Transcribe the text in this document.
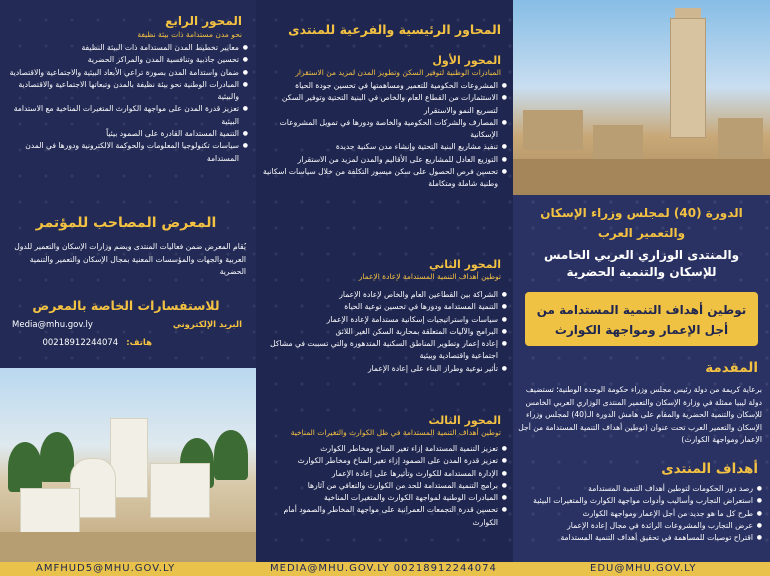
المحور الرابع
نحو مدن مستدامة ذات بيئة نظيفة
● معايير تخطيط المدن المستدامة ذات البيئة النظيفة
● تحسين جاذبية وتنافسية المدن والمراكز الحضرية
● ضمان واستدامة المدن بصورة تراعي الأبعاد البيئية والاجتماعية والاقتصادية
● المبادرات الوطنية نحو بيئة نظيفة بالمدن وتبعاتها الاجتماعية والاقتصادية والبيئية
● تعزيز قدرة المدن على مواجهة الكوارث المتغيرات المناخية مع الاستدامة البيئية
● التنمية المستدامة القادرة على الصمود بيئياً
● سياسات تكنولوجيا المعلومات والحوكمة الالكترونية ودورها في المدن المستدامة
المعرض المصاحب للمؤتمر
يُقام المعرض ضمن فعاليات المنتدى ويضم وزارات الإسكان والتعمير للدول العربية والجهات والمؤسسات المعنية بمجال الإسكان والتعمير والتنمية الحضرية
للاستفسارات الخاصة بالمعرض
البريد الإلكتروني
Media@mhu.gov.ly
هاتف:
00218912244074
المحاور الرئيسية والفرعية للمنتدى
المحور الأول
المبادرات الوطنية لتوفير السكن وتطوير المدن لمزيد من الاستقرار
● المشروعات الحكومية للتعمير ومساهمتها في تحسين جودة الحياة
● الاستثمارات من القطاع العام والخاص في البنية التحتية وتوفير السكن لتسريع النمو والاستقرار
● المصارف والشركات الحكومية والخاصة ودورها في تمويل المشروعات الإسكانية
● تنفيذ مشاريع البنية التحتية وإنشاء مدن سكنية جديدة
● التوزيع العادل للمشاريع على الأقاليم والمدن لمزيد من الاستقرار
● تحسين فرص الحصول على سكن ميسور التكلفة من خلال سياسات اسكانية وطنية شاملة ومتكاملة
المحور الثاني
توطين أهداف التنمية المستدامة لإعادة الإعمار
● الشراكة بين القطاعين العام والخاص لإعادة الإعمار
● التنمية المستدامة ودورها في تحسين نوعية الحياة
● سياسات واستراتيجيات إسكانية مستدامة لإعادة الإعمار
● البرامج والآليات المتعلقة بمحاربة السكن الغير اللائق
● إعادة إعمار وتطوير المناطق السكنية المتدهورة والتي تسببت في مشاكل اجتماعية واقتصادية وبيئية
● تأثير نوعية وطراز البناء على إعادة الإعمار
المحور الثالث
توطين أهداف التنمية المستدامة في ظل الكوارث والتغيرات المناخية
● تعزيز التنمية المستدامة إزاء تغير المناخ ومخاطر الكوارث
● تعزيز قدرة المدن على الصمود إزاء تغير المناخ ومخاطر الكوارث
● الإدارة المستدامة للكوارث وتأثيرها على إعادة الإعمار
● برامج التنمية المستدامة للحد من الكوارث والتعافي من آثارها
● المبادرات الوطنية لمواجهة الكوارث والمتغيرات المناخية
● تحسين قدرة التجمعات العمرانية على مواجهة المخاطر والصمود أمام الكوارث
الدورة (40) لمجلس وزراء الإسكان والتعمير العرب
والمنتدى الوزاري العربي الخامس للإسكان والتنمية الحضرية
توطين أهداف التنمية المستدامة من أجل الإعمار ومواجهة الكوارث
المقدمة
برعاية كريمة من دولة رئيس مجلس وزراء حكومة الوحدة الوطنية؛ تستضيف دولة ليبيا ممثلة في وزارة الإسكان والتعمير المنتدى الوزاري العربي الخامس للإسكان والتنمية الحضرية والمقام على هامش الدورة الـ(40) لمجلس وزراء الإسكان والتعمير العرب تحت عنوان (توطين أهداف التنمية المستدامة من أجل الإعمار ومواجهة الكوارث)
أهداف المنتدى
● رصد دور الحكومات لتوطين أهداف التنمية المستدامة
● استعراض التجارب وأساليب وأدوات مواجهة الكوارث والمتغيرات البيئية
● طرح كل ما هو جديد من أجل الإعمار ومواجهة الكوارث
● عرض التجارب والمشروعات الرائدة في مجال إعادة الإعمار
● اقتراح توصيات للمساهمة في تحقيق أهداف التنمية المستدامة
AMFHUD5@MHU.GOV.LY	MEDIA@MHU.GOV.LY 00218912244074	EDU@MHU.GOV.LY
